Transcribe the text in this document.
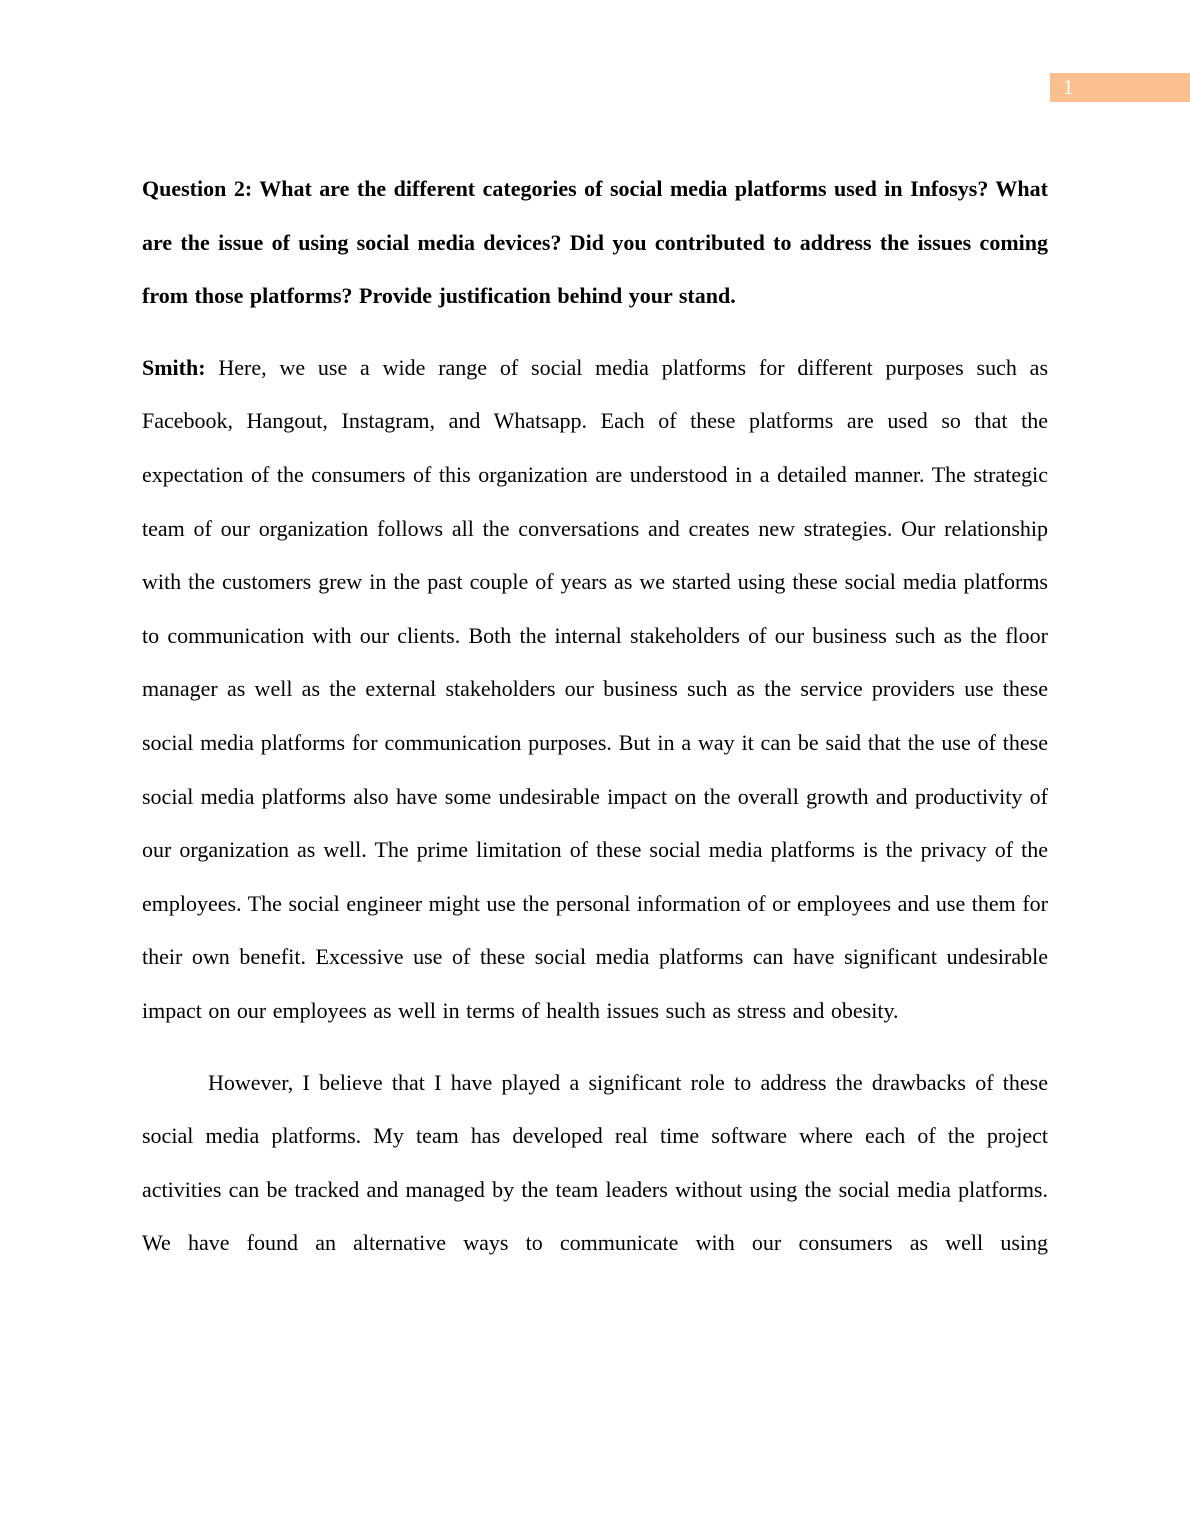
1

Question 2: What are the different categories of social media platforms used in Infosys? What are the issue of using social media devices? Did you contributed to address the issues coming from those platforms? Provide justification behind your stand.

Smith: Here, we use a wide range of social media platforms for different purposes such as Facebook, Hangout, Instagram, and Whatsapp. Each of these platforms are used so that the expectation of the consumers of this organization are understood in a detailed manner. The strategic team of our organization follows all the conversations and creates new strategies. Our relationship with the customers grew in the past couple of years as we started using these social media platforms to communication with our clients. Both the internal stakeholders of our business such as the floor manager as well as the external stakeholders our business such as the service providers use these social media platforms for communication purposes. But in a way it can be said that the use of these social media platforms also have some undesirable impact on the overall growth and productivity of our organization as well. The prime limitation of these social media platforms is the privacy of the employees. The social engineer might use the personal information of or employees and use them for their own benefit. Excessive use of these social media platforms can have significant undesirable impact on our employees as well in terms of health issues such as stress and obesity.

However, I believe that I have played a significant role to address the drawbacks of these social media platforms. My team has developed real time software where each of the project activities can be tracked and managed by the team leaders without using the social media platforms. We have found an alternative ways to communicate with our consumers as well using
